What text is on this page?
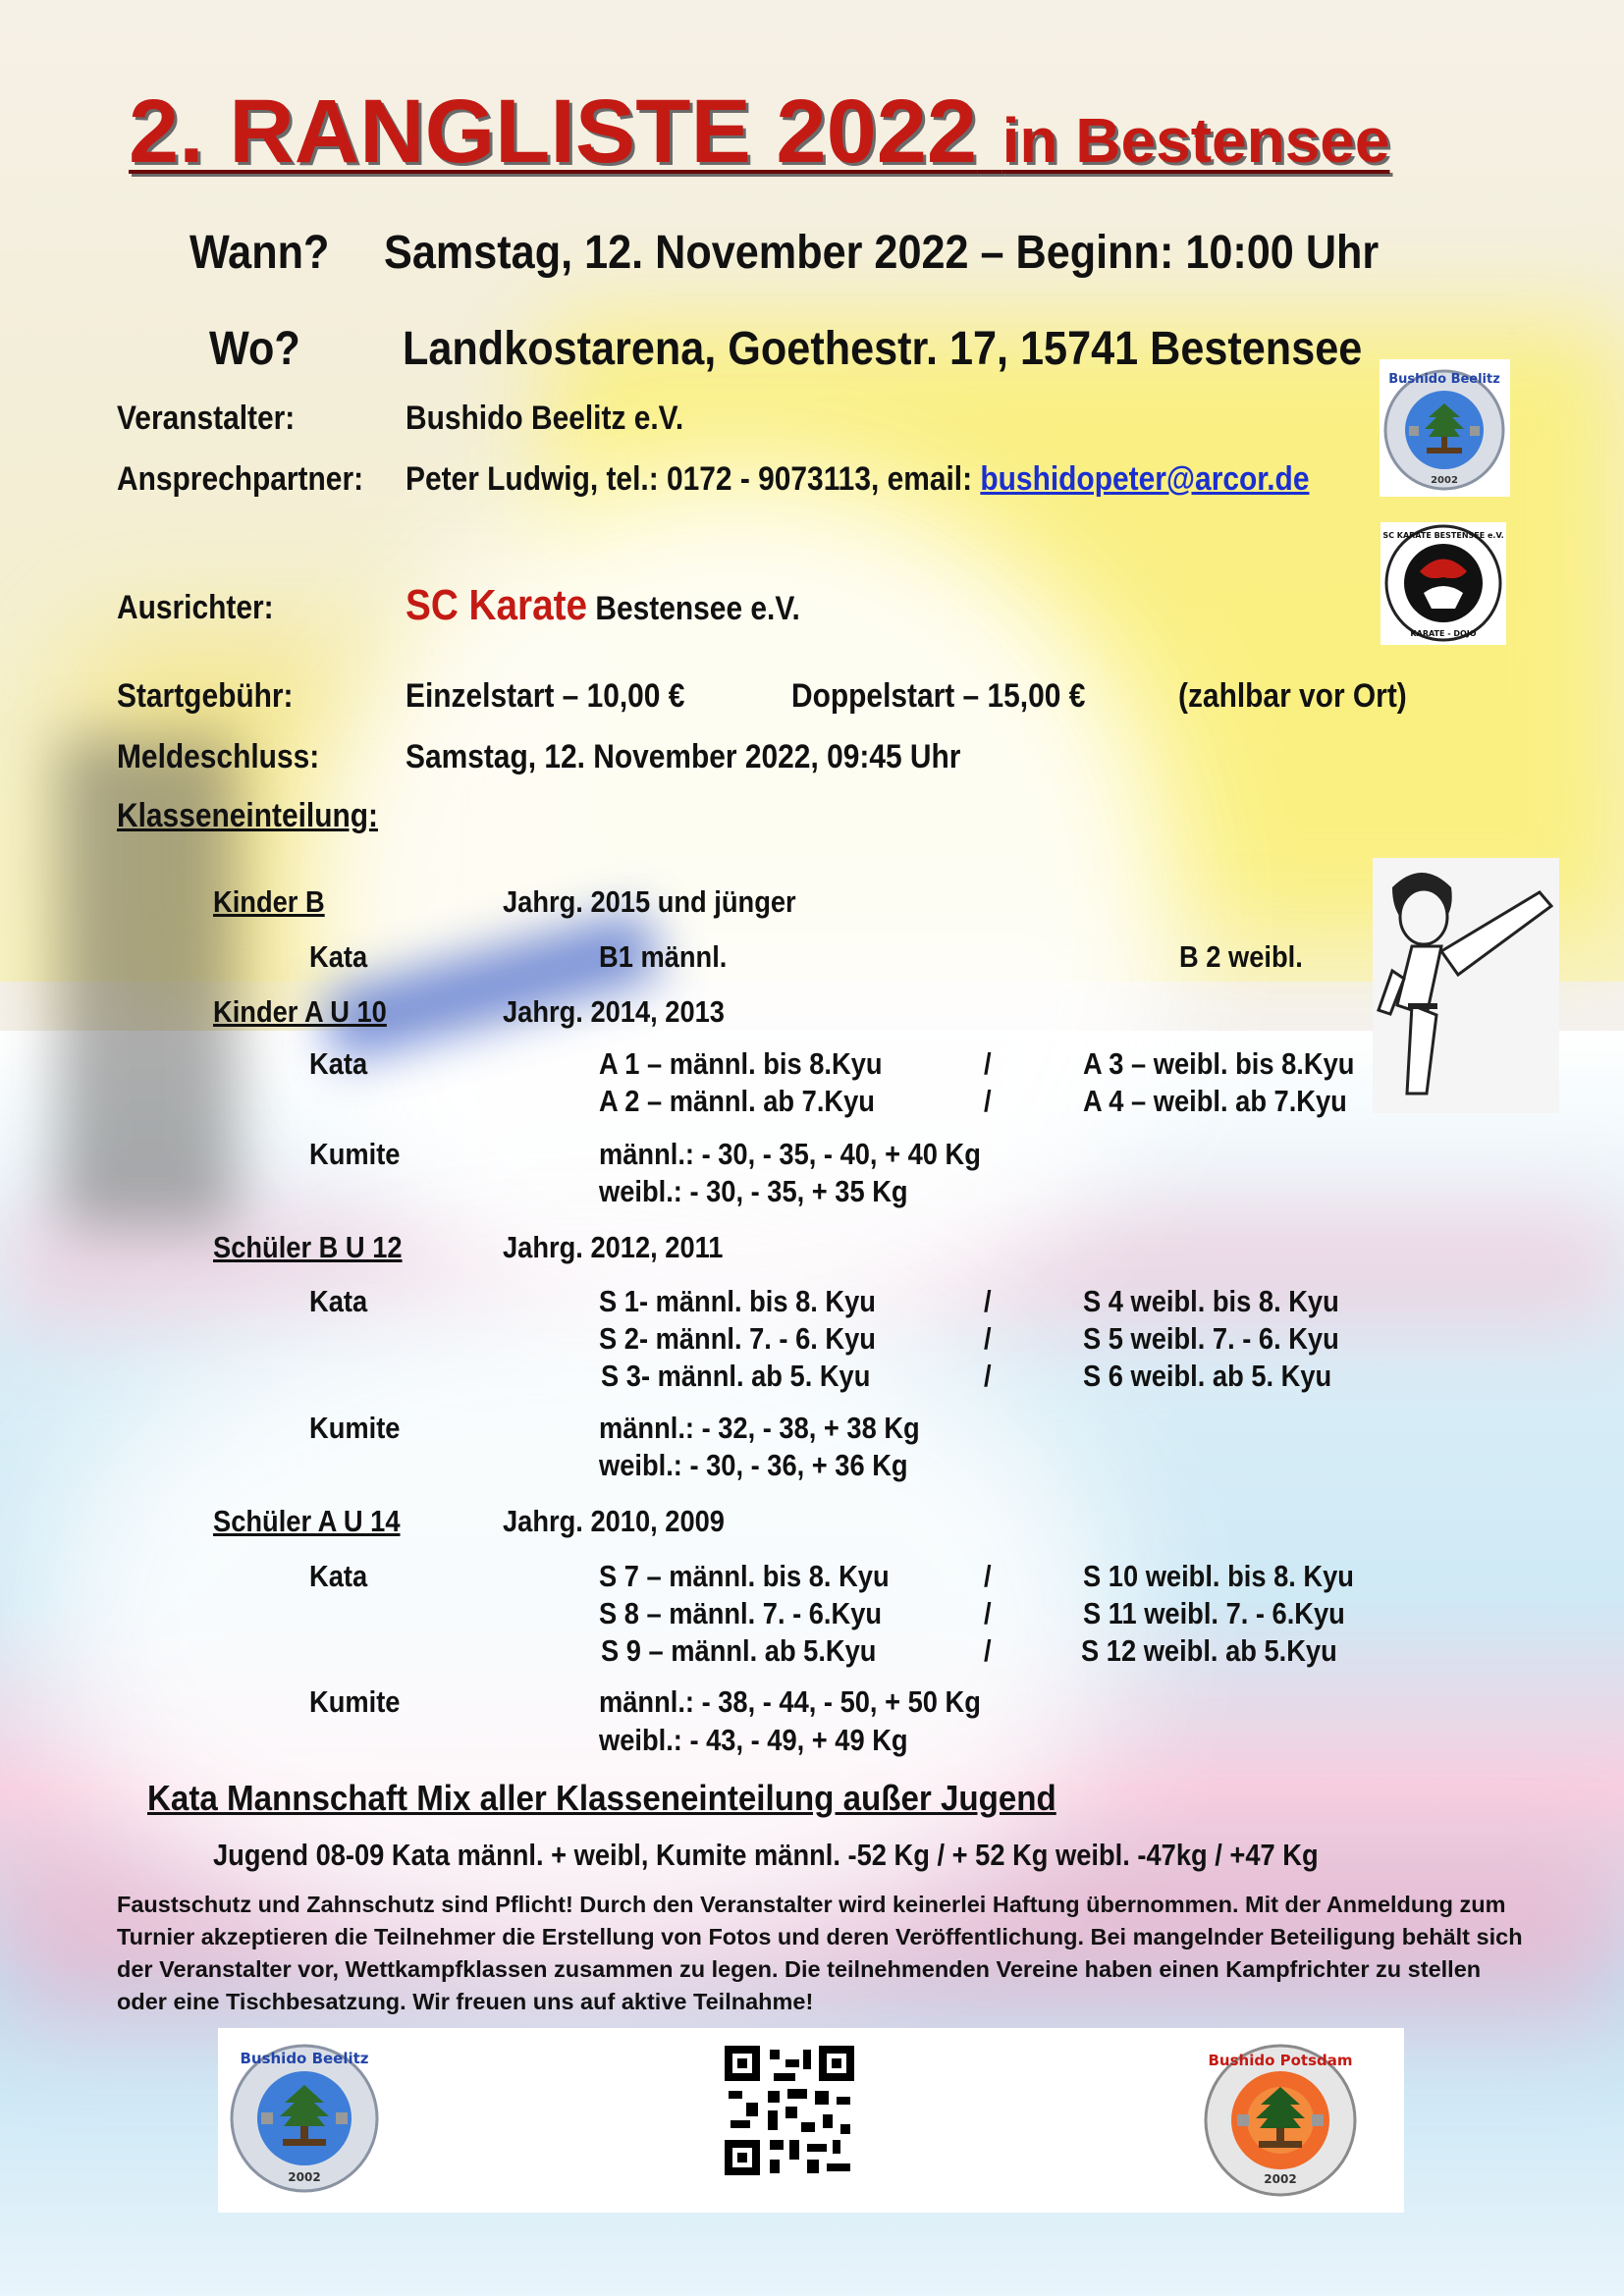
2. RANGLISTE 2022 in Bestensee
Wann? Samstag, 12. November 2022 – Beginn: 10:00 Uhr
Wo? Landkostarena, Goethestr. 17, 15741 Bestensee
Veranstalter:	Bushido Beelitz e.V.
Ansprechpartner: Peter Ludwig, tel.: 0172 - 9073113, email: bushidopeter@arcor.de
Ausrichter:	SC Karate Bestensee e.V.
Startgebühr:	Einzelstart – 10,00 €	Doppelstart – 15,00 €	(zahlbar vor Ort)
Meldeschluss:	Samstag, 12. November 2022, 09:45 Uhr
Klasseneinteilung:
Kinder B	Jahrg. 2015 und jünger
Kata	B1 männl.	B 2 weibl.
Kinder A U 10	Jahrg. 2014, 2013
Kata	A 1 – männl. bis 8.Kyu	/	A 3 – weibl. bis 8.Kyu
A 2 – männl. ab 7.Kyu	/	A 4 – weibl. ab 7.Kyu
Kumite	männl.: - 30, - 35, - 40, + 40 Kg
weibl.: - 30, - 35, + 35 Kg
Schüler B U 12	Jahrg. 2012, 2011
Kata	S 1- männl. bis 8. Kyu	/	S 4 weibl. bis 8. Kyu
S 2- männl. 7. - 6. Kyu	/	S 5 weibl. 7. - 6. Kyu
S 3- männl. ab 5. Kyu	/	S 6 weibl. ab 5. Kyu
Kumite	männl.: - 32, - 38, + 38 Kg
weibl.: - 30, - 36, + 36 Kg
Schüler A U 14	Jahrg. 2010, 2009
Kata	S 7 – männl. bis 8. Kyu	/	S 10 weibl. bis 8. Kyu
S 8 – männl. 7. - 6.Kyu	/	S 11 weibl. 7. - 6.Kyu
S 9 – männl. ab 5.Kyu	/	S 12 weibl. ab 5.Kyu
Kumite	männl.: - 38, - 44, - 50, + 50 Kg
weibl.: - 43, - 49, + 49 Kg
Kata Mannschaft Mix aller Klasseneinteilung außer Jugend
Jugend 08-09 Kata männl. + weibl, Kumite männl. -52 Kg / + 52 Kg weibl. -47kg / +47 Kg
Faustschutz und Zahnschutz sind Pflicht! Durch den Veranstalter wird keinerlei Haftung übernommen. Mit der Anmeldung zum Turnier akzeptieren die Teilnehmer die Erstellung von Fotos und deren Veröffentlichung. Bei mangelnder Beteiligung behält sich der Veranstalter vor, Wettkampfklassen zusammen zu legen. Die teilnehmenden Vereine haben einen Kampfrichter zu stellen oder eine Tischbesatzung. Wir freuen uns auf aktive Teilnahme!
Bushido Beelitz
2002
SC KARATE BESTENSEE e.V.
KARATE - DOJO
Bushido Beelitz
2002
Bushido Potsdam
2002
